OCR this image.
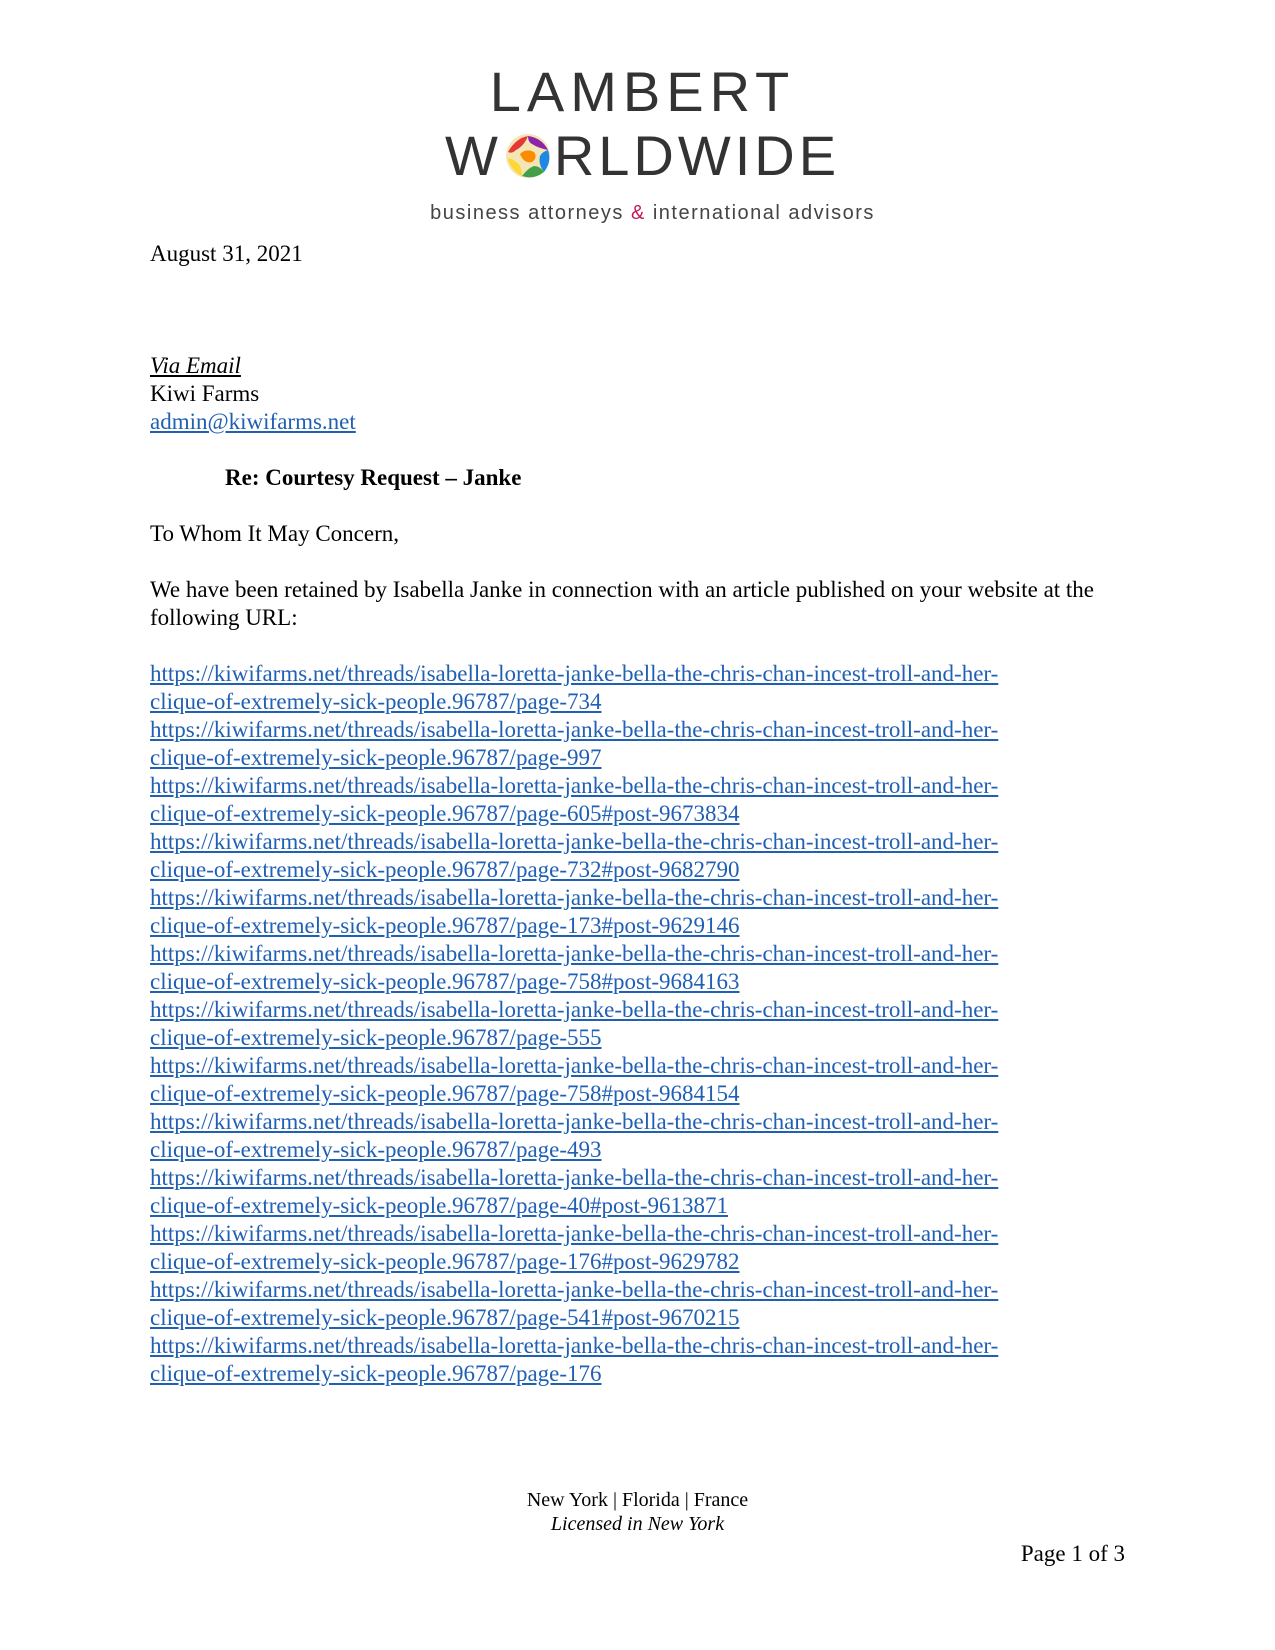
LAMBERT
W RLDWIDE
business attorneys & international advisors
August 31, 2021
Via Email
Kiwi Farms
admin@kiwifarms.net
Re: Courtesy Request – Janke
To Whom It May Concern,
We have been retained by Isabella Janke in connection with an article published on your website at the following URL:
https://kiwifarms.net/threads/isabella-loretta-janke-bella-the-chris-chan-incest-troll-and-her-
clique-of-extremely-sick-people.96787/page-734
https://kiwifarms.net/threads/isabella-loretta-janke-bella-the-chris-chan-incest-troll-and-her-
clique-of-extremely-sick-people.96787/page-997
https://kiwifarms.net/threads/isabella-loretta-janke-bella-the-chris-chan-incest-troll-and-her-
clique-of-extremely-sick-people.96787/page-605#post-9673834
https://kiwifarms.net/threads/isabella-loretta-janke-bella-the-chris-chan-incest-troll-and-her-
clique-of-extremely-sick-people.96787/page-732#post-9682790
https://kiwifarms.net/threads/isabella-loretta-janke-bella-the-chris-chan-incest-troll-and-her-
clique-of-extremely-sick-people.96787/page-173#post-9629146
https://kiwifarms.net/threads/isabella-loretta-janke-bella-the-chris-chan-incest-troll-and-her-
clique-of-extremely-sick-people.96787/page-758#post-9684163
https://kiwifarms.net/threads/isabella-loretta-janke-bella-the-chris-chan-incest-troll-and-her-
clique-of-extremely-sick-people.96787/page-555
https://kiwifarms.net/threads/isabella-loretta-janke-bella-the-chris-chan-incest-troll-and-her-
clique-of-extremely-sick-people.96787/page-758#post-9684154
https://kiwifarms.net/threads/isabella-loretta-janke-bella-the-chris-chan-incest-troll-and-her-
clique-of-extremely-sick-people.96787/page-493
https://kiwifarms.net/threads/isabella-loretta-janke-bella-the-chris-chan-incest-troll-and-her-
clique-of-extremely-sick-people.96787/page-40#post-9613871
https://kiwifarms.net/threads/isabella-loretta-janke-bella-the-chris-chan-incest-troll-and-her-
clique-of-extremely-sick-people.96787/page-176#post-9629782
https://kiwifarms.net/threads/isabella-loretta-janke-bella-the-chris-chan-incest-troll-and-her-
clique-of-extremely-sick-people.96787/page-541#post-9670215
https://kiwifarms.net/threads/isabella-loretta-janke-bella-the-chris-chan-incest-troll-and-her-
clique-of-extremely-sick-people.96787/page-176
New York | Florida | France
Licensed in New York
Page 1 of 3
